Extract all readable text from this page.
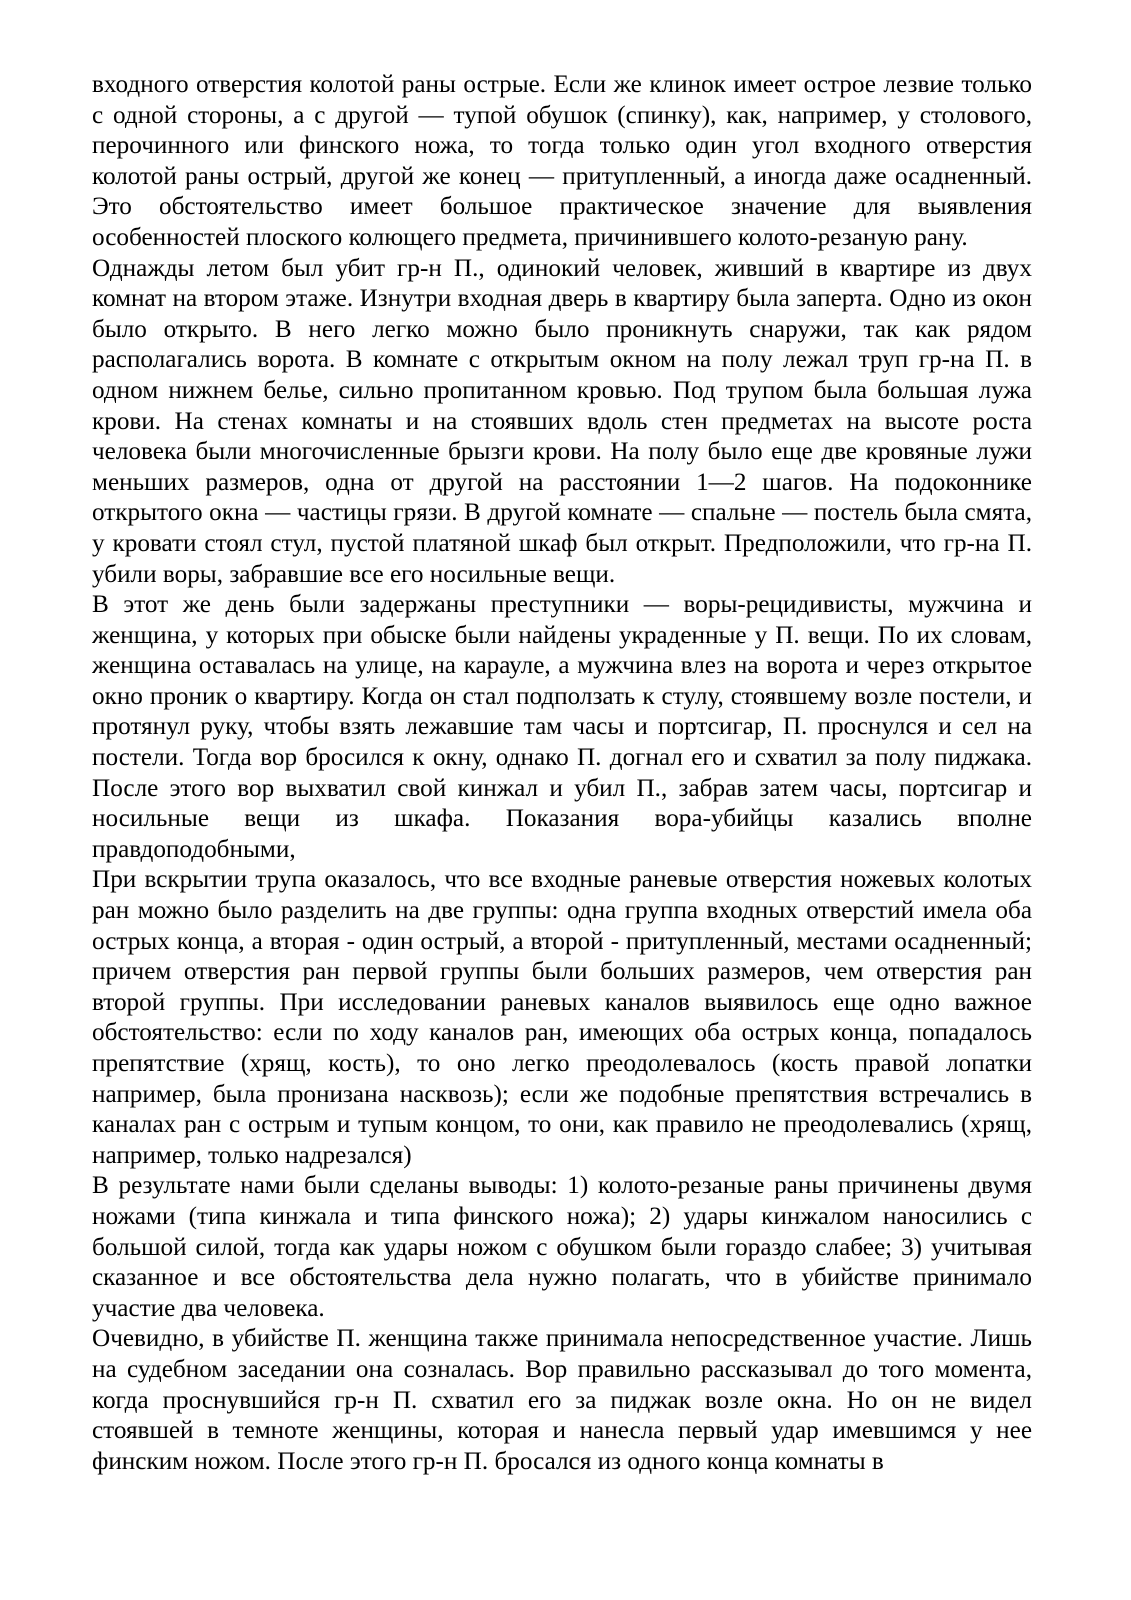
входного отверстия колотой раны острые. Если же клинок имеет острое лезвие только с одной стороны, а с другой — тупой обушок (спинку), как, например, у столового, перочинного или финского ножа, то тогда только один угол входного отверстия колотой раны острый, другой же конец — притупленный, а иногда даже осадненный. Это обстоятельство имеет большое практическое значение для выявления особенностей плоского колющего предмета, причинившего колото-резаную рану.

Однажды летом был убит гр-н П., одинокий человек, живший в квартире из двух комнат на втором этаже. Изнутри входная дверь в квартиру была заперта. Одно из окон было открыто. В него легко можно было проникнуть снаружи, так как рядом располагались ворота. В комнате с открытым окном на полу лежал труп гр-на П. в одном нижнем белье, сильно пропитанном кровью. Под трупом была большая лужа крови. На стенах комнаты и на стоявших вдоль стен предметах на высоте роста человека были многочисленные брызги крови. На полу было еще две кровяные лужи меньших размеров, одна от другой на расстоянии 1—2 шагов. На подоконнике открытого окна — частицы грязи. В другой комнате — спальне — постель была смята, у кровати стоял стул, пустой платяной шкаф был открыт. Предположили, что гр-на П. убили воры, забравшие все его носильные вещи.

В этот же день были задержаны преступники — воры-рецидивисты, мужчина и женщина, у которых при обыске были найдены украденные у П. вещи. По их словам, женщина оставалась на улице, на карауле, а мужчина влез на ворота и через открытое окно проник о квартиру. Когда он стал подползать к стулу, стоявшему возле постели, и протянул руку, чтобы взять лежавшие там часы и портсигар, П. проснулся и сел на постели. Тогда вор бросился к окну, однако П. догнал его и схватил за полу пиджака. После этого вор выхватил свой кинжал и убил П., забрав затем часы, портсигар и носильные вещи из шкафа. Показания вора-убийцы казались вполне правдоподобными,

При вскрытии трупа оказалось, что все входные раневые отверстия ножевых колотых ран можно было разделить на две группы: одна группа входных отверстий имела оба острых конца, а вторая - один острый, а второй - притупленный, местами осадненный; причем отверстия ран первой группы были больших размеров, чем отверстия ран второй группы. При исследовании раневых каналов выявилось еще одно важное обстоятельство: если по ходу каналов ран, имеющих оба острых конца, попадалось препятствие (хрящ, кость), то оно легко преодолевалось (кость правой лопатки например, была пронизана насквозь); если же подобные препятствия встречались в каналах ран с острым и тупым концом, то они, как правило не преодолевались (хрящ, например, только надрезался)

В результате нами были сделаны выводы: 1) колото-резаные раны причинены двумя ножами (типа кинжала и типа финского ножа); 2) удары кинжалом наносились с большой силой, тогда как удары ножом с обушком были гораздо слабее; 3) учитывая сказанное и все обстоятельства дела нужно полагать, что в убийстве принимало участие два человека.

Очевидно, в убийстве П. женщина также принимала непосредственное участие. Лишь на судебном заседании она созналась. Вор правильно рассказывал до того момента, когда проснувшийся гр-н П. схватил его за пиджак возле окна. Но он не видел стоявшей в темноте женщины, которая и нанесла первый удар имевшимся у нее финским ножом. После этого гр-н П. бросался из одного конца комнаты в
